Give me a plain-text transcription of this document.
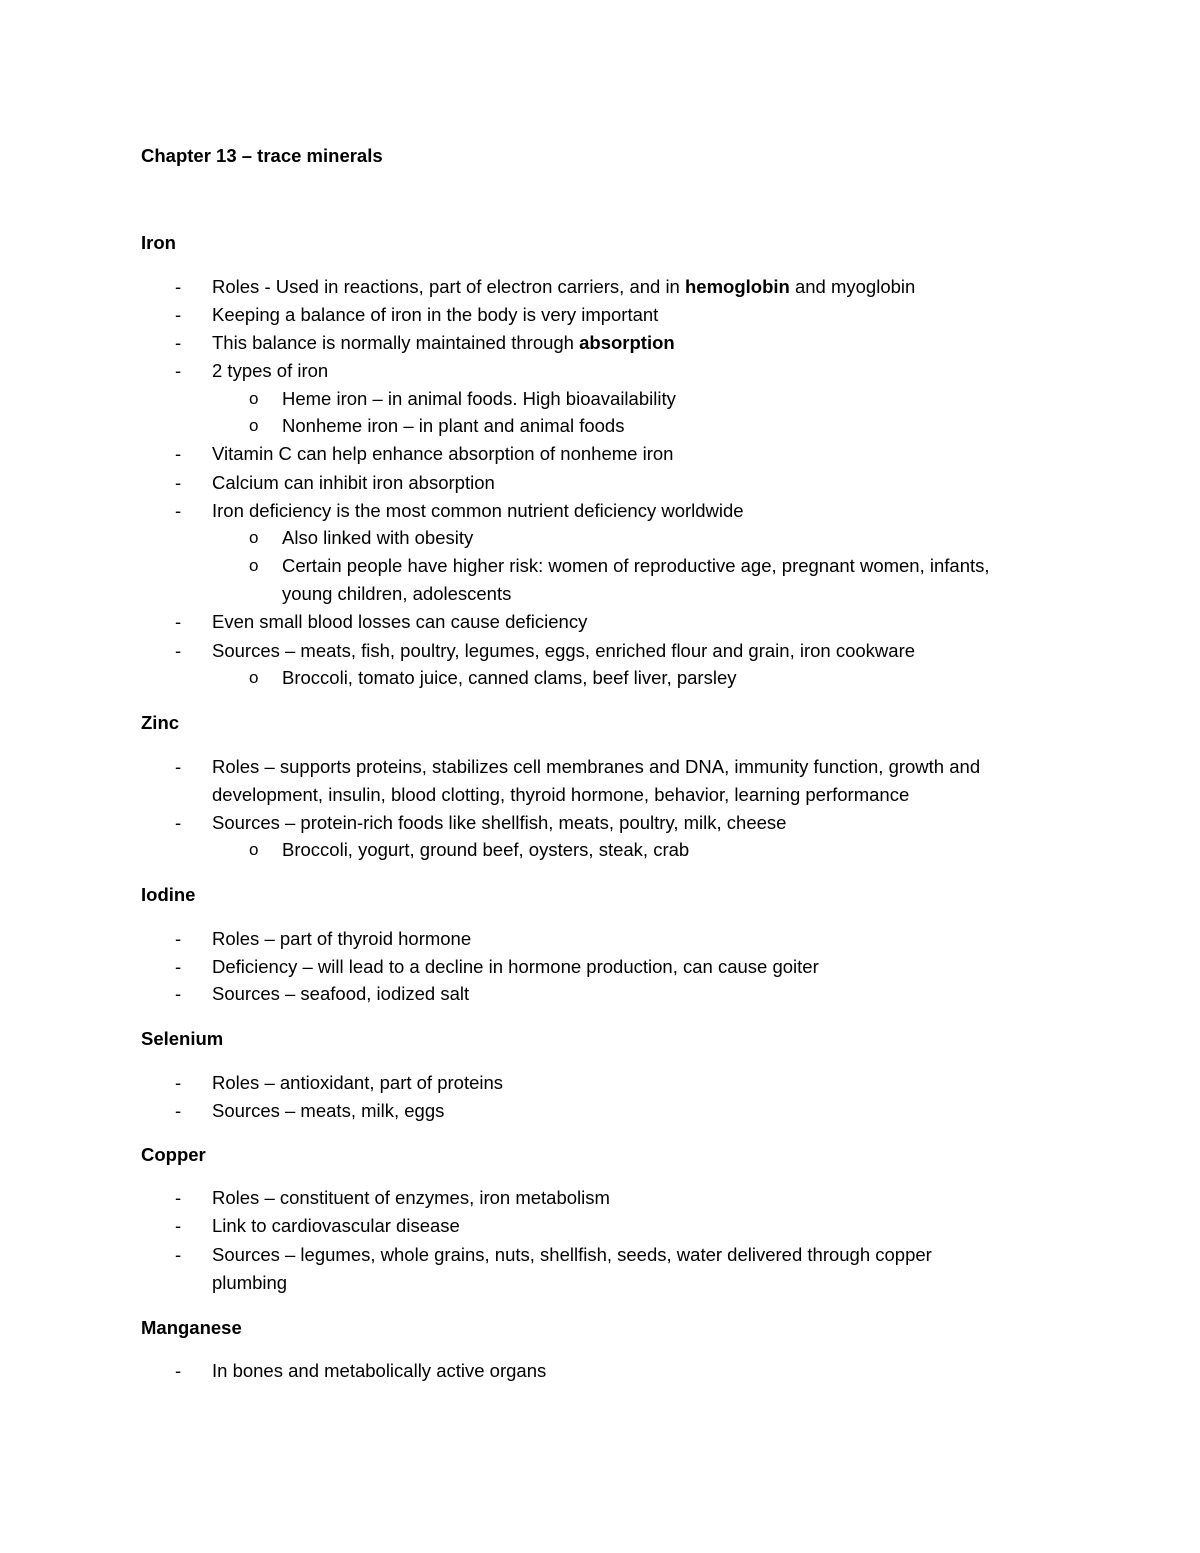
Chapter 13 – trace minerals
Iron
- Roles - Used in reactions, part of electron carriers, and in hemoglobin and myoglobin
- Keeping a balance of iron in the body is very important
- This balance is normally maintained through absorption
- 2 types of iron
o Heme iron – in animal foods. High bioavailability
o Nonheme iron – in plant and animal foods
- Vitamin C can help enhance absorption of nonheme iron
- Calcium can inhibit iron absorption
- Iron deficiency is the most common nutrient deficiency worldwide
o Also linked with obesity
o Certain people have higher risk: women of reproductive age, pregnant women, infants,
young children, adolescents
- Even small blood losses can cause deficiency
- Sources – meats, fish, poultry, legumes, eggs, enriched flour and grain, iron cookware
o Broccoli, tomato juice, canned clams, beef liver, parsley
Zinc
- Roles – supports proteins, stabilizes cell membranes and DNA, immunity function, growth and
development, insulin, blood clotting, thyroid hormone, behavior, learning performance
- Sources – protein-rich foods like shellfish, meats, poultry, milk, cheese
o Broccoli, yogurt, ground beef, oysters, steak, crab
Iodine
- Roles – part of thyroid hormone
- Deficiency – will lead to a decline in hormone production, can cause goiter
- Sources – seafood, iodized salt
Selenium
- Roles – antioxidant, part of proteins
- Sources – meats, milk, eggs
Copper
- Roles – constituent of enzymes, iron metabolism
- Link to cardiovascular disease
- Sources – legumes, whole grains, nuts, shellfish, seeds, water delivered through copper
plumbing
Manganese
- In bones and metabolically active organs
